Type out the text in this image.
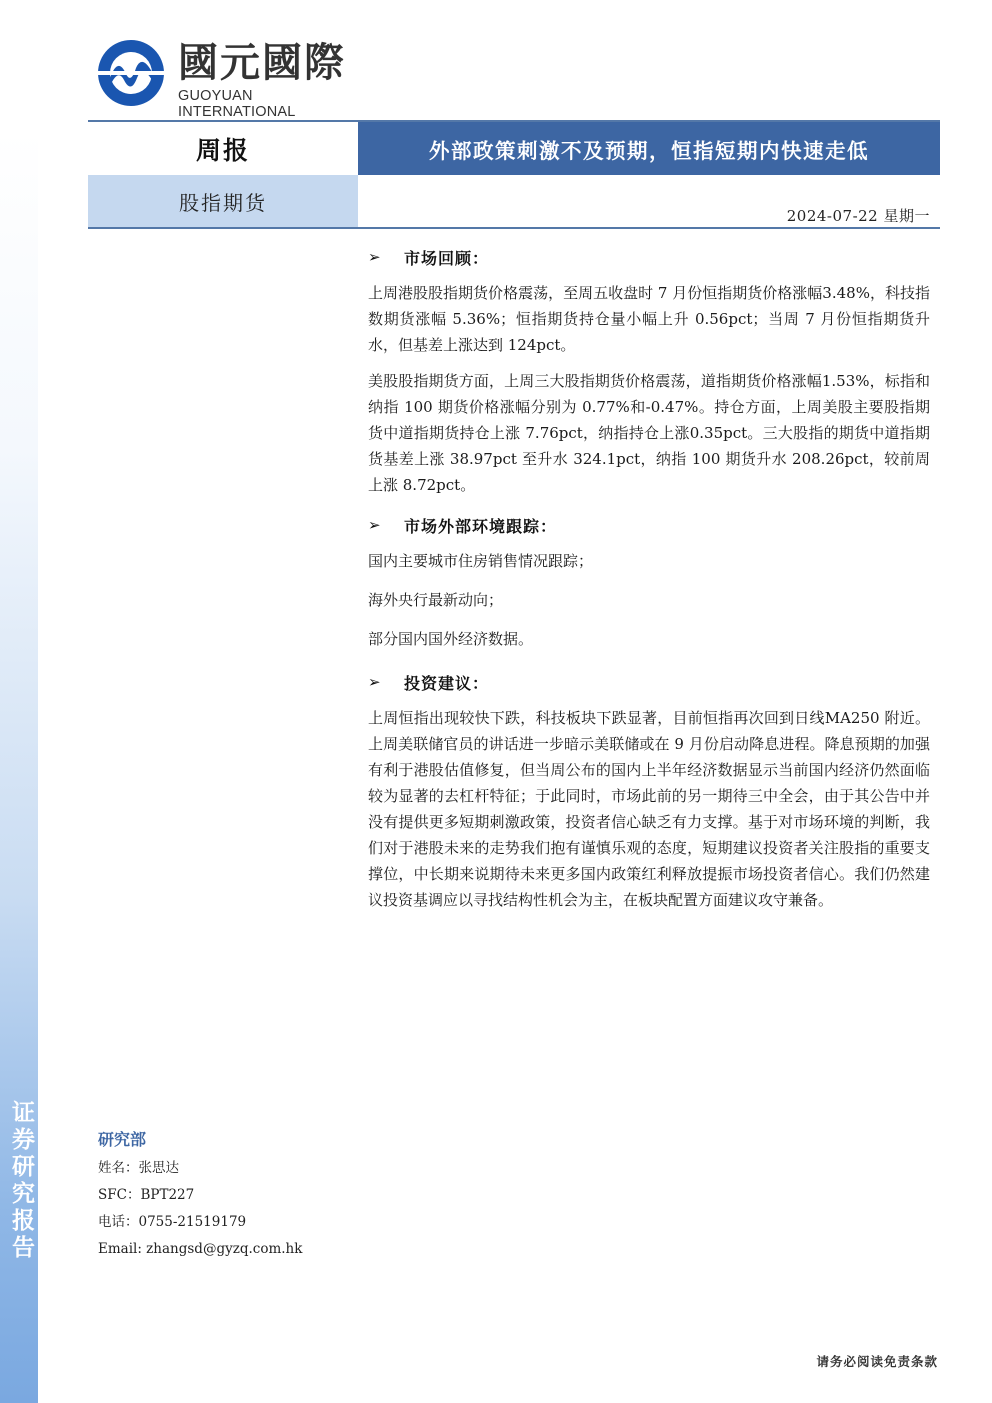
证券研究报告
國元國際
GUOYUAN INTERNATIONAL
周报	外部政策刺激不及预期，恒指短期内快速走低
股指期货
2024-07-22 星期一
➢	市场回顾：

上周港股股指期货价格震荡，至周五收盘时 7 月份恒指期货价格涨幅3.48%，科技指数期货涨幅 5.36%；恒指期货持仓量小幅上升 0.56pct；当周 7 月份恒指期货升水，但基差上涨达到 124pct。

美股股指期货方面，上周三大股指期货价格震荡，道指期货价格涨幅1.53%，标指和纳指 100 期货价格涨幅分别为 0.77%和-0.47%。持仓方面，上周美股主要股指期货中道指期货持仓上涨 7.76pct，纳指持仓上涨0.35pct。三大股指的期货中道指期货基差上涨 38.97pct 至升水 324.1pct，纳指 100 期货升水 208.26pct，较前周上涨 8.72pct。

➢	市场外部环境跟踪：

国内主要城市住房销售情况跟踪；

海外央行最新动向；

部分国内国外经济数据。

➢	投资建议：

上周恒指出现较快下跌，科技板块下跌显著，目前恒指再次回到日线MA250 附近。上周美联储官员的讲话进一步暗示美联储或在 9 月份启动降息进程。降息预期的加强有利于港股估值修复，但当周公布的国内上半年经济数据显示当前国内经济仍然面临较为显著的去杠杆特征；于此同时，市场此前的另一期待三中全会，由于其公告中并没有提供更多短期刺激政策，投资者信心缺乏有力支撑。基于对市场环境的判断，我们对于港股未来的走势我们抱有谨慎乐观的态度，短期建议投资者关注股指的重要支撑位，中长期来说期待未来更多国内政策红利释放提振市场投资者信心。我们仍然建议投资基调应以寻找结构性机会为主，在板块配置方面建议攻守兼备。

研究部
姓名：张思达
SFC：BPT227
电话：0755-21519179
Email: zhangsd@gyzq.com.hk
请务必阅读免责条款
